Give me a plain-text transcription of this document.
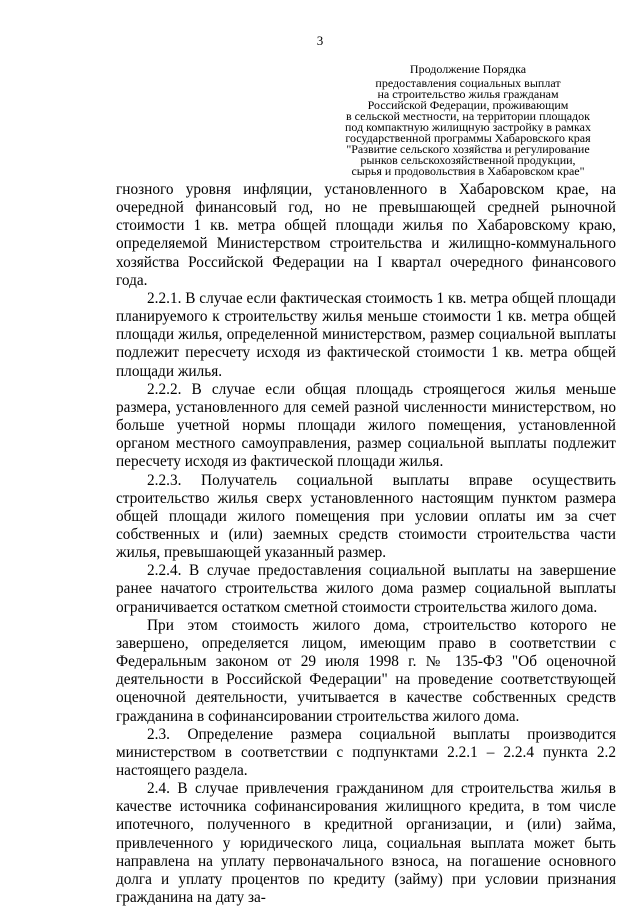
3
Продолжение Порядка
предоставления социальных выплат
на строительство жилья гражданам
Российской Федерации, проживающим
в сельской местности, на территории площадок
под компактную жилищную застройку в рамках
государственной программы Хабаровского края
"Развитие сельского хозяйства и регулирование
рынков сельскохозяйственной продукции,
сырья и продовольствия в Хабаровском крае"

гнозного уровня инфляции, установленного в Хабаровском крае, на очередной финансовый год, но не превышающей средней рыночной стоимости 1 кв. метра общей площади жилья по Хабаровскому краю, определяемой Министерством строительства и жилищно-коммунального хозяйства Российской Федерации на I квартал очередного финансового года.

2.2.1. В случае если фактическая стоимость 1 кв. метра общей площади планируемого к строительству жилья меньше стоимости 1 кв. метра общей площади жилья, определенной министерством, размер социальной выплаты подлежит пересчету исходя из фактической стоимости 1 кв. метра общей площади жилья.

2.2.2. В случае если общая площадь строящегося жилья меньше размера, установленного для семей разной численности министерством, но больше учетной нормы площади жилого помещения, установленной органом местного самоуправления, размер социальной выплаты подлежит пересчету исходя из фактической площади жилья.

2.2.3. Получатель социальной выплаты вправе осуществить строительство жилья сверх установленного настоящим пунктом размера общей площади жилого помещения при условии оплаты им за счет собственных и (или) заемных средств стоимости строительства части жилья, превышающей указанный размер.

2.2.4. В случае предоставления социальной выплаты на завершение ранее начатого строительства жилого дома размер социальной выплаты ограничивается остатком сметной стоимости строительства жилого дома.

При этом стоимость жилого дома, строительство которого не завершено, определяется лицом, имеющим право в соответствии с Федеральным законом от 29 июля 1998 г. № 135-ФЗ "Об оценочной деятельности в Российской Федерации" на проведение соответствующей оценочной деятельности, учитывается в качестве собственных средств гражданина в софинансировании строительства жилого дома.

2.3. Определение размера социальной выплаты производится министерством в соответствии с подпунктами 2.2.1 – 2.2.4 пункта 2.2 настоящего раздела.

2.4. В случае привлечения гражданином для строительства жилья в качестве источника софинансирования жилищного кредита, в том числе ипотечного, полученного в кредитной организации, и (или) займа, привлеченного у юридического лица, социальная выплата может быть направлена на уплату первоначального взноса, на погашение основного долга и уплату процентов по кредиту (займу) при условии признания гражданина на дату за-
